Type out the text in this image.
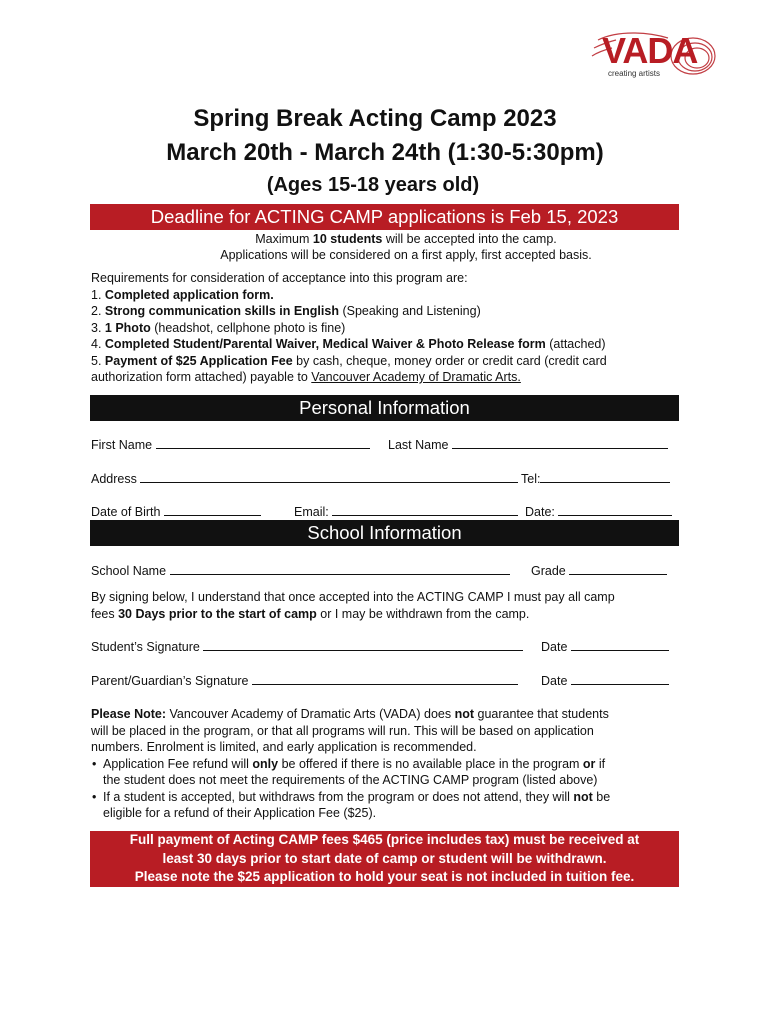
VADA
creating artists
Spring Break Acting Camp 2023
March 20th - March 24th (1:30-5:30pm)
(Ages 15-18 years old)
Deadline for ACTING CAMP applications is Feb 15, 2023
Maximum 10 students will be accepted into the camp.
Applications will be considered on a first apply, first accepted basis.
Requirements for consideration of acceptance into this program are:
1. Completed application form.
2. Strong communication skills in English (Speaking and Listening)
3. 1 Photo (headshot, cellphone photo is fine)
4. Completed Student/Parental Waiver, Medical Waiver & Photo Release form (attached)
5. Payment of $25 Application Fee by cash, cheque, money order or credit card (credit card
authorization form attached) payable to Vancouver Academy of Dramatic Arts.
Personal Information
First Name	Last Name
Address	Tel:
Date of Birth	Email:	Date:
School Information
School Name	Grade
By signing below, I understand that once accepted into the ACTING CAMP I must pay all camp
fees 30 Days prior to the start of camp or I may be withdrawn from the camp.
Student’s Signature	Date
Parent/Guardian’s Signature	Date
Please Note: Vancouver Academy of Dramatic Arts (VADA) does not guarantee that students
will be placed in the program, or that all programs will run. This will be based on application
numbers. Enrolment is limited, and early application is recommended.
• Application Fee refund will only be offered if there is no available place in the program or if
the student does not meet the requirements of the ACTING CAMP program (listed above)
• If a student is accepted, but withdraws from the program or does not attend, they will not be
eligible for a refund of their Application Fee ($25).
Full payment of Acting CAMP fees $465 (price includes tax) must be received at
least 30 days prior to start date of camp or student will be withdrawn.
Please note the $25 application to hold your seat is not included in tuition fee.
